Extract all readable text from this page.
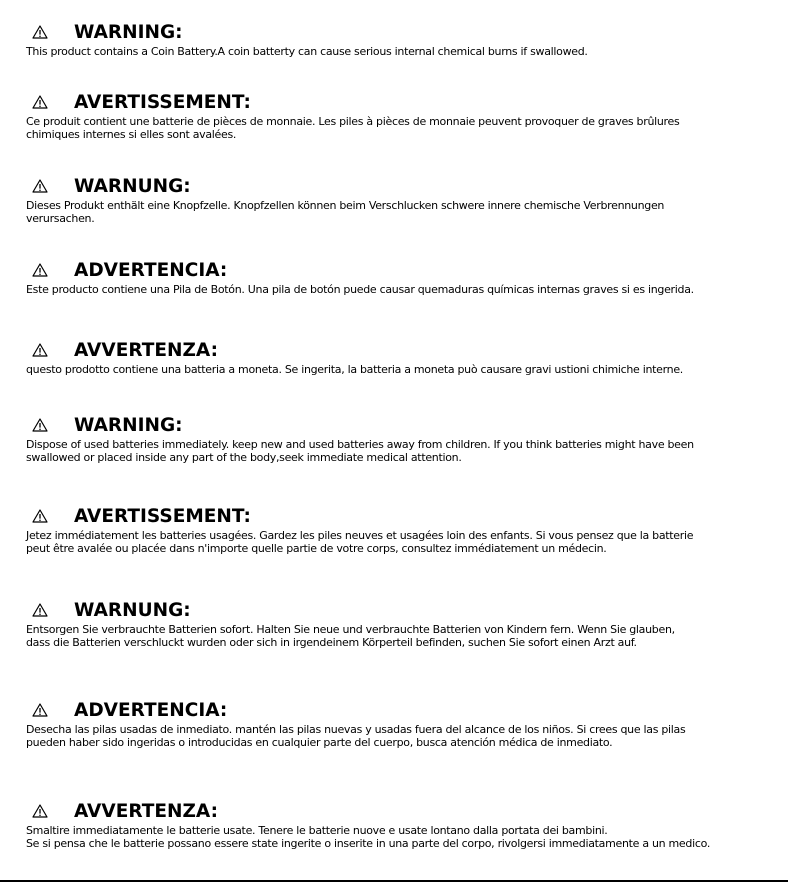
WARNING:
This product contains a Coin Battery.A coin batterty can cause serious internal chemical burns if swallowed.
AVERTISSEMENT:
Ce produit contient une batterie de pièces de monnaie. Les piles à pièces de monnaie peuvent provoquer de graves brûlures
chimiques internes si elles sont avalées.
WARNUNG:
Dieses Produkt enthält eine Knopfzelle. Knopfzellen können beim Verschlucken schwere innere chemische Verbrennungen
verursachen.
ADVERTENCIA:
Este producto contiene una Pila de Botón. Una pila de botón puede causar quemaduras químicas internas graves si es ingerida.
AVVERTENZA:
questo prodotto contiene una batteria a moneta. Se ingerita, la batteria a moneta può causare gravi ustioni chimiche interne.
WARNING:
Dispose of used batteries immediately. keep new and used batteries away from children. If you think batteries might have been
swallowed or placed inside any part of the body,seek immediate medical attention.
AVERTISSEMENT:
Jetez immédiatement les batteries usagées. Gardez les piles neuves et usagées loin des enfants. Si vous pensez que la batterie
peut être avalée ou placée dans n'importe quelle partie de votre corps, consultez immédiatement un médecin.
WARNUNG:
Entsorgen Sie verbrauchte Batterien sofort. Halten Sie neue und verbrauchte Batterien von Kindern fern. Wenn Sie glauben,
dass die Batterien verschluckt wurden oder sich in irgendeinem Körperteil befinden, suchen Sie sofort einen Arzt auf.
ADVERTENCIA:
Desecha las pilas usadas de inmediato. mantén las pilas nuevas y usadas fuera del alcance de los niños. Si crees que las pilas
pueden haber sido ingeridas o introducidas en cualquier parte del cuerpo, busca atención médica de inmediato.
AVVERTENZA:
Smaltire immediatamente le batterie usate. Tenere le batterie nuove e usate lontano dalla portata dei bambini.
Se si pensa che le batterie possano essere state ingerite o inserite in una parte del corpo, rivolgersi immediatamente a un medico.
